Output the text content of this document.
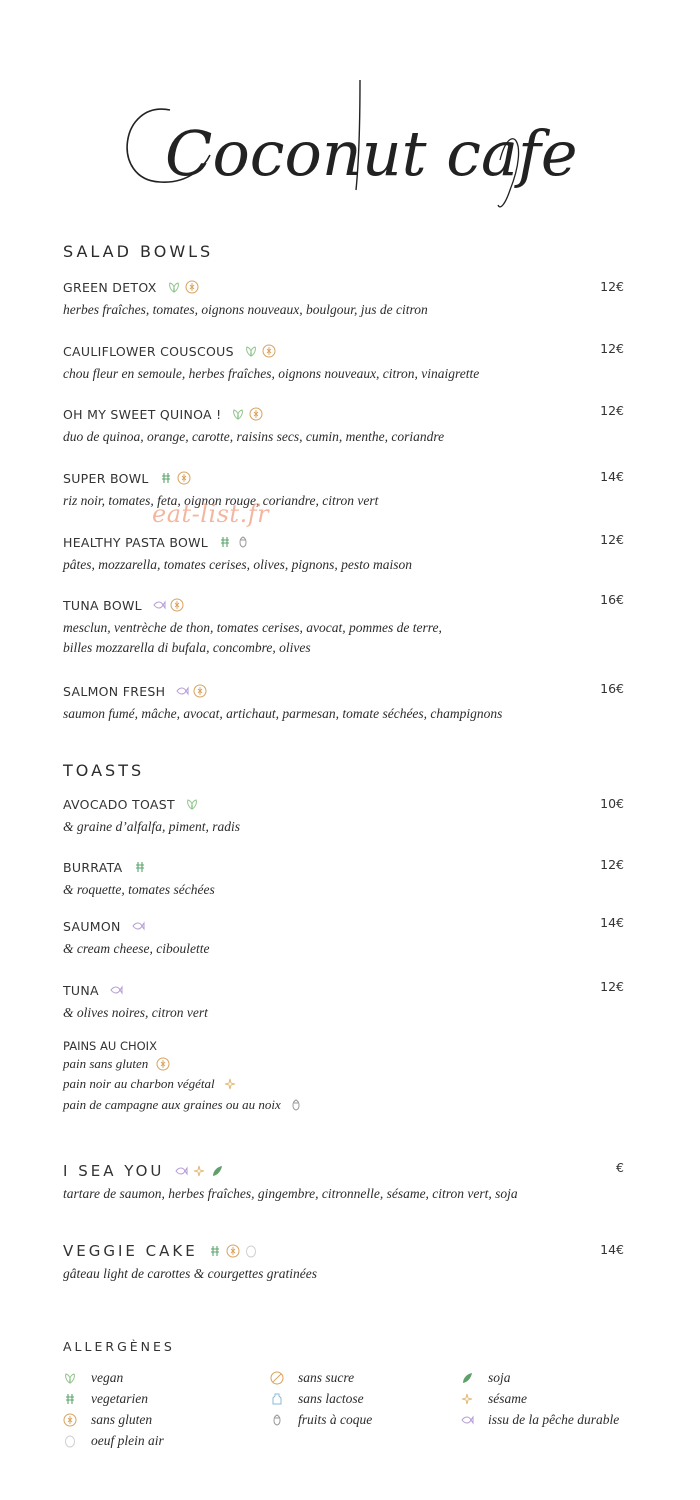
Coconut cafe
SALAD BOWLS
GREEN DETOX
herbes fraîches, tomates, oignons nouveaux, boulgour, jus de citron
12€
CAULIFLOWER COUSCOUS
chou fleur en semoule, herbes fraîches, oignons nouveaux, citron, vinaigrette
12€
OH MY SWEET QUINOA !
duo de quinoa, orange, carotte, raisins secs, cumin, menthe, coriandre
12€
SUPER BOWL
riz noir, tomates, feta, oignon rouge, coriandre, citron vert
14€
HEALTHY PASTA BOWL
pâtes, mozzarella, tomates cerises, olives, pignons, pesto maison
12€
TUNA BOWL
mesclun, ventrèche de thon, tomates cerises, avocat, pommes de terre,
billes mozzarella di bufala, concombre, olives
16€
SALMON FRESH
saumon fumé, mâche, avocat, artichaut, parmesan, tomate séchées, champignons
16€
eat-list.fr
TOASTS
AVOCADO TOAST
& graine d’alfalfa, piment, radis
10€
BURRATA
& roquette, tomates séchées
12€
SAUMON
& cream cheese, ciboulette
14€
TUNA
& olives noires, citron vert
12€
PAINS AU CHOIX
pain sans gluten
pain noir au charbon végétal
pain de campagne aux graines ou au noix
I SEA YOU
tartare de saumon, herbes fraîches, gingembre, citronnelle, sésame, citron vert, soja
€
VEGGIE CAKE
gâteau light de carottes & courgettes gratinées
14€
ALLERGÈNES
vegan
vegetarien
sans gluten
oeuf plein air
sans sucre
sans lactose
fruits à coque
soja
sésame
issu de la pêche durable
